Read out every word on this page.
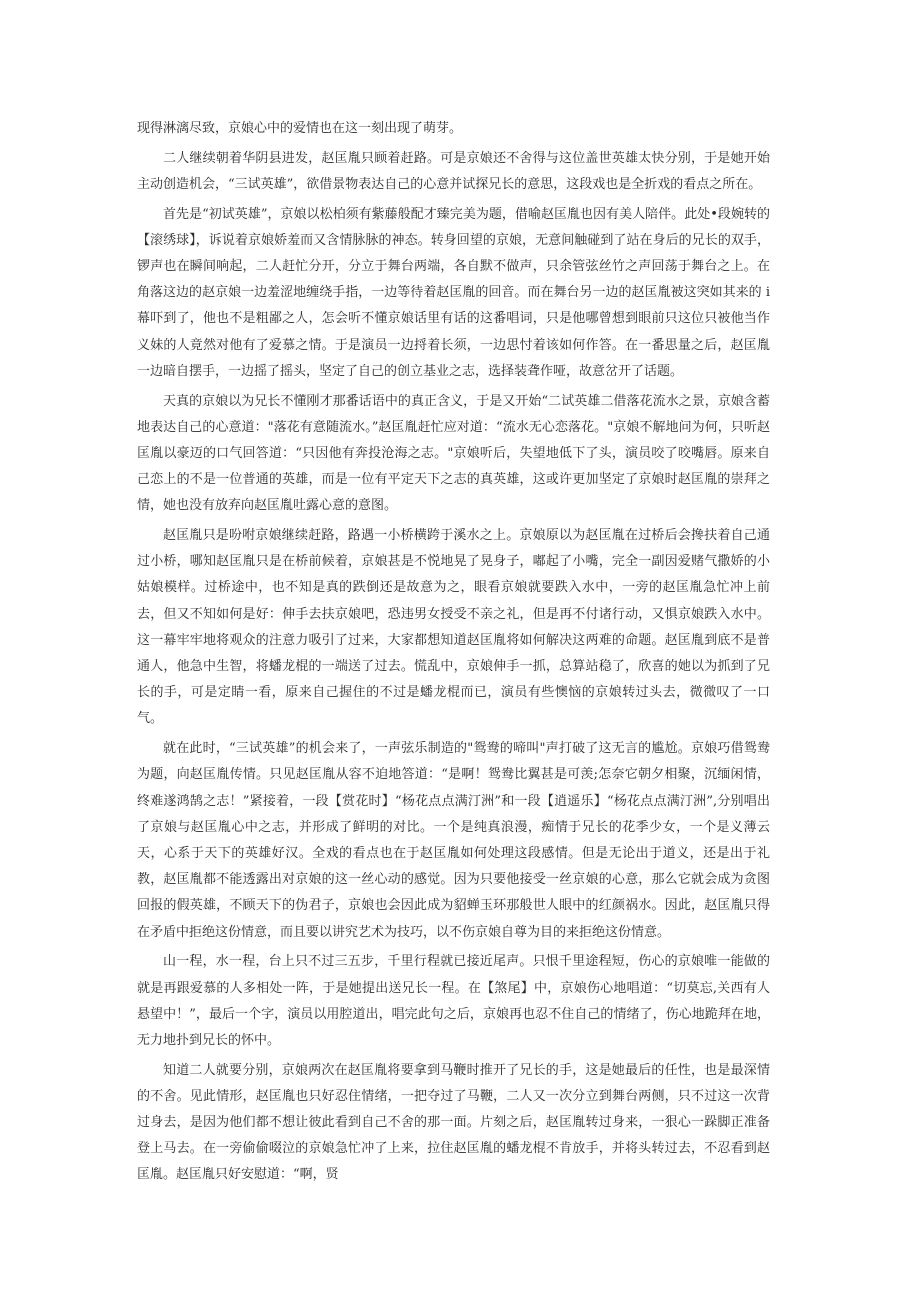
现得淋漓尽致，京娘心中的爱情也在这一刻出现了萌芽。

二人继续朝着华阴县进发，赵匡胤只顾着赶路。可是京娘还不舍得与这位盖世英雄太快分别，于是她开始主动创造机会，“三试英雄”，欲借景物表达自己的心意并试探兄长的意思，这段戏也是全折戏的看点之所在。

首先是“初试英雄”，京娘以松柏须有紫藤般配才臻完美为题，借喻赵匡胤也因有美人陪伴。此处•段婉转的【滚绣球】，诉说着京娘娇羞而又含情脉脉的神态。转身回望的京娘，无意间触碰到了站在身后的兄长的双手，锣声也在瞬间响起，二人赶忙分开，分立于舞台两端，各自默不做声，只余管弦丝竹之声回荡于舞台之上。在角落这边的赵京娘一边羞涩地缠绕手指，一边等待着赵匡胤的回音。而在舞台另一边的赵匡胤被这突如其来的 i 幕吓到了，他也不是粗鄙之人，怎会听不懂京娘话里有话的这番唱词，只是他哪曾想到眼前只这位只被他当作义妹的人竟然对他有了爱慕之情。于是演员一边捋着长须，一边思忖着该如何作答。在一番思量之后，赵匡胤一边暗自摆手，一边摇了摇头，坚定了自己的创立基业之志，选择装聋作哑，故意岔开了话题。

天真的京娘以为兄长不懂刚才那番话语中的真正含义，于是又开始“二试英雄二借落花流水之景，京娘含蓄地表达自己的心意道："落花有意随流水。”赵匡胤赶忙应对道：“流水无心恋落花。"京娘不解地问为何，只听赵匡胤以豪迈的口气回答道：“只因他有奔投沧海之志。"京娘听后，失望地低下了头，演员咬了咬嘴唇。原来自己恋上的不是一位普通的英雄，而是一位有平定天下之志的真英雄，这或许更加坚定了京娘时赵匡胤的崇拜之情，她也没有放弃向赵匡胤吐露心意的意图。

赵匡胤只是吩咐京娘继续赶路，路遇一小桥横跨于溪水之上。京娘原以为赵匡胤在过桥后会搀扶着自己通过小桥，哪知赵匡胤只是在桥前候着，京娘甚是不悦地晃了晃身子，嘟起了小嘴，完全一副因爱赌气撒娇的小姑娘模样。过桥途中，也不知是真的跌倒还是故意为之，眼看京娘就要跌入水中，一旁的赵匡胤急忙冲上前去，但又不知如何是好：伸手去扶京娘吧，恐违男女授受不亲之礼，但是再不付诸行动，又惧京娘跌入水中。这一幕牢牢地将观众的注意力吸引了过来，大家都想知道赵匡胤将如何解决这两难的命题。赵匡胤到底不是普通人，他急中生智，将蟠龙棍的一端送了过去。慌乱中，京娘伸手一抓，总算站稳了，欣喜的她以为抓到了兄长的手，可是定睛一看，原来自己握住的不过是蟠龙棍而已，演员有些懊恼的京娘转过头去，微微叹了一口气。

就在此时，“三试英雄”的机会来了，一声弦乐制造的"鸳鸯的啼叫"声打破了这无言的尴尬。京娘巧借鸳鸯为题，向赵匡胤传情。只见赵匡胤从容不迫地答道：“是啊！鸳鸯比翼甚是可羡;怎奈它朝夕相聚，沉缅闲情，终难遂鸿鹄之志！”紧接着，一段【赏花时】“杨花点点满汀洲”和一段【逍遥乐】“杨花点点满汀洲”,分别唱出了京娘与赵匡胤心中之志，并形成了鲜明的对比。一个是纯真浪漫，痴情于兄长的花季少女，一个是义薄云天，心系于天下的英雄好汉。全戏的看点也在于赵匡胤如何处理这段感情。但是无论出于道义，还是出于礼教，赵匡胤都不能透露出对京娘的这一丝心动的感觉。因为只要他接受一丝京娘的心意，那么它就会成为贪图回报的假英雄，不顾天下的伪君子，京娘也会因此成为貂蝉玉环那般世人眼中的红颜祸水。因此，赵匡胤只得在矛盾中拒绝这份情意，而且要以讲究艺术为技巧，以不伤京娘自尊为目的来拒绝这份情意。

山一程，水一程，台上只不过三五步，千里行程就已接近尾声。只恨千里途程短，伤心的京娘唯一能做的就是再跟爱慕的人多相处一阵，于是她提出送兄长一程。在【煞尾】中，京娘伤心地唱道：“切莫忘,关西有人悬望中！”，最后一个字，演员以用腔道出，唱完此句之后，京娘再也忍不住自己的情绪了，伤心地跪拜在地，无力地扑到兄长的怀中。

知道二人就要分别，京娘两次在赵匡胤将要拿到马鞭时推开了兄长的手，这是她最后的任性，也是最深情的不舍。见此情形，赵匡胤也只好忍住情绪，一把夺过了马鞭，二人又一次分立到舞台两侧，只不过这一次背过身去，是因为他们都不想让彼此看到自己不舍的那一面。片刻之后，赵匡胤转过身来，一狠心一跺脚正准备登上马去。在一旁偷偷啜泣的京娘急忙冲了上来，拉住赵匡胤的蟠龙棍不肯放手，并将头转过去，不忍看到赵匡胤。赵匡胤只好安慰道：“啊，贤
